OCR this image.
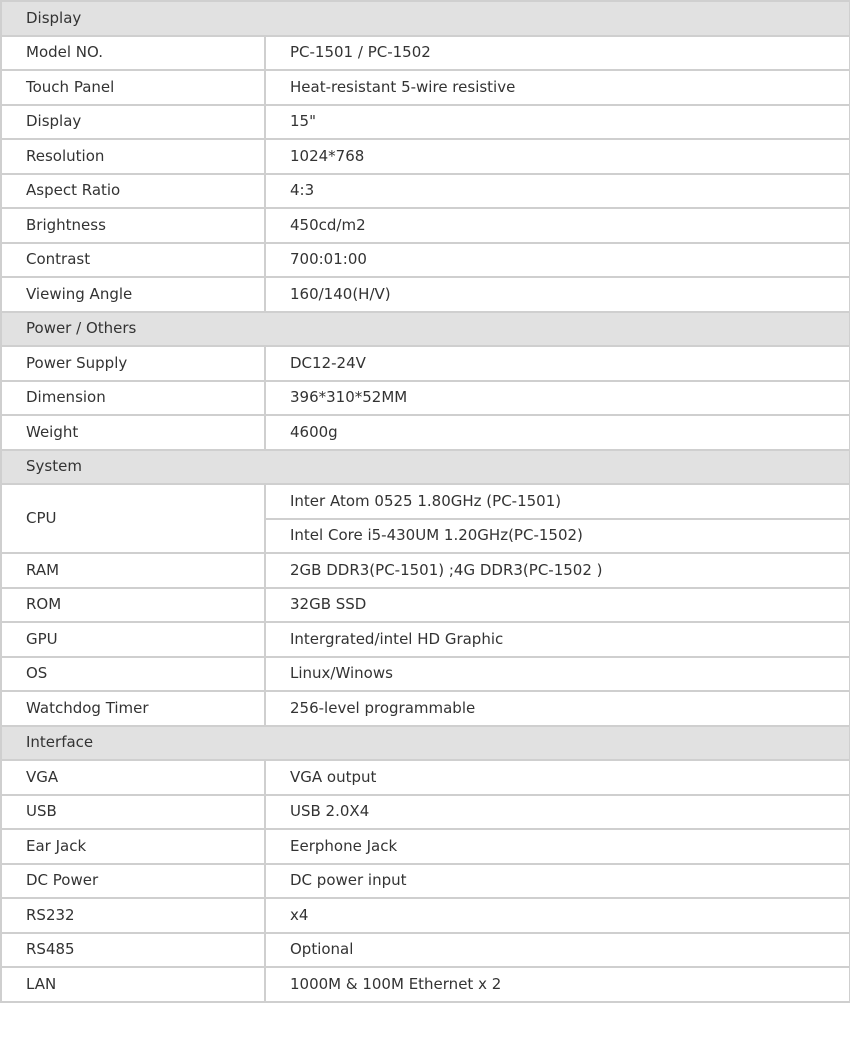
Display	
Model NO.	PC-1501 / PC-1502
Touch Panel	Heat-resistant 5-wire resistive
Display	15"
Resolution	1024*768
Aspect Ratio	4:3
Brightness	450cd/m2
Contrast	700:01:00
Viewing Angle	160/140(H/V)
Power / Others	
Power Supply	DC12-24V
Dimension	396*310*52MM
Weight	4600g
System	
CPU	Inter Atom 0525 1.80GHz (PC-1501)
	Intel Core i5-430UM 1.20GHz(PC-1502)
RAM	2GB DDR3(PC-1501) ;4G DDR3(PC-1502 )
ROM	32GB SSD
GPU	Intergrated/intel HD Graphic
OS	Linux/Winows
Watchdog Timer	256-level programmable
Interface	
VGA	VGA output
USB	USB 2.0X4
Ear Jack	Eerphone Jack
DC Power	DC power input
RS232	x4
RS485	Optional
LAN	1000M & 100M Ethernet x 2
